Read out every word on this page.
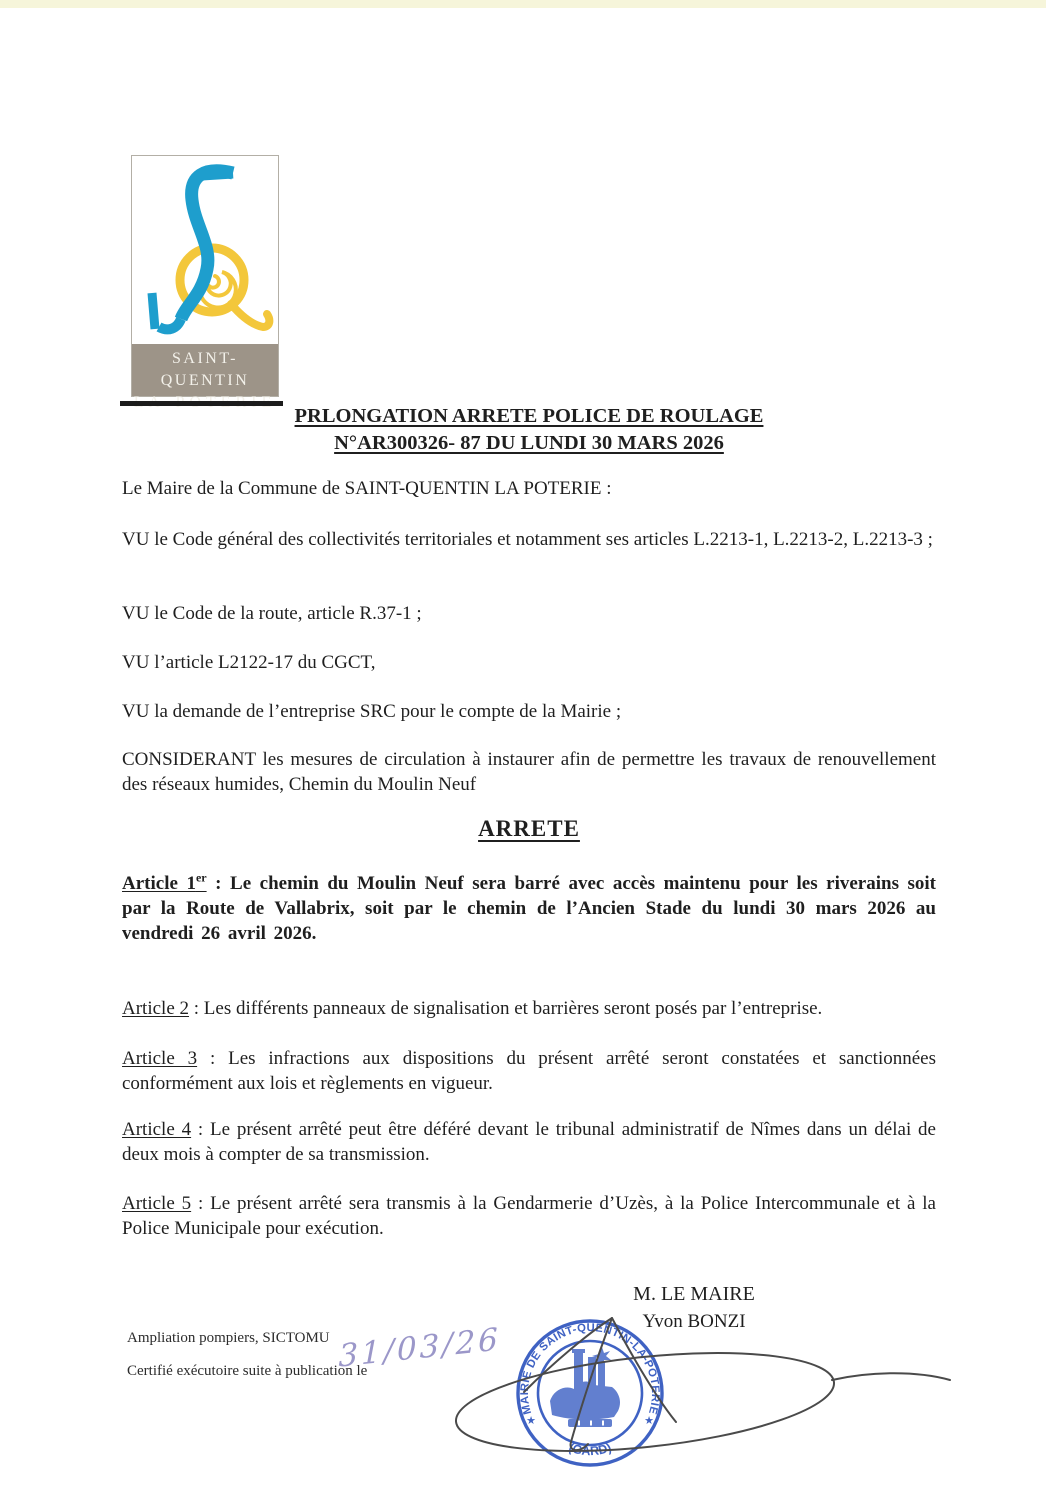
SAINT-QUENTIN
PRLONGATION ARRETE POLICE DE ROULAGE
N°AR300326- 87 DU LUNDI 30 MARS 2026

Le Maire de la Commune de SAINT-QUENTIN LA POTERIE :

VU le Code général des collectivités territoriales et notamment ses articles L.2213-1, L.2213-2, L.2213-3 ;

VU le Code de la route, article R.37-1 ;

VU l’article L2122-17 du CGCT,

VU la demande de l’entreprise SRC pour le compte de la Mairie ;

CONSIDERANT les mesures de circulation à instaurer afin de permettre les travaux de renouvellement des réseaux humides, Chemin du Moulin Neuf

ARRETE

Article 1er : Le chemin du Moulin Neuf sera barré avec accès maintenu pour les riverains soit par la Route de Vallabrix, soit par le chemin de l’Ancien Stade du lundi 30 mars 2026 au vendredi 26 avril 2026.

Article 2 : Les différents panneaux de signalisation et barrières seront posés par l’entreprise.

Article 3 : Les infractions aux dispositions du présent arrêté seront constatées et sanctionnées conformément aux lois et règlements en vigueur.

Article 4 : Le présent arrêté peut être déféré devant le tribunal administratif de Nîmes dans un délai de deux mois à compter de sa transmission.

Article 5 : Le présent arrêté sera transmis à la Gendarmerie d’Uzès, à la Police Intercommunale et à la Police Municipale pour exécution.

M. LE MAIRE
Yvon BONZI

Ampliation pompiers, SICTOMU

Certifié exécutoire suite à publication le

31/03/26
MAIRIE DE SAINT-QUENTIN-LA-POTERIE
(GARD)
★	★
